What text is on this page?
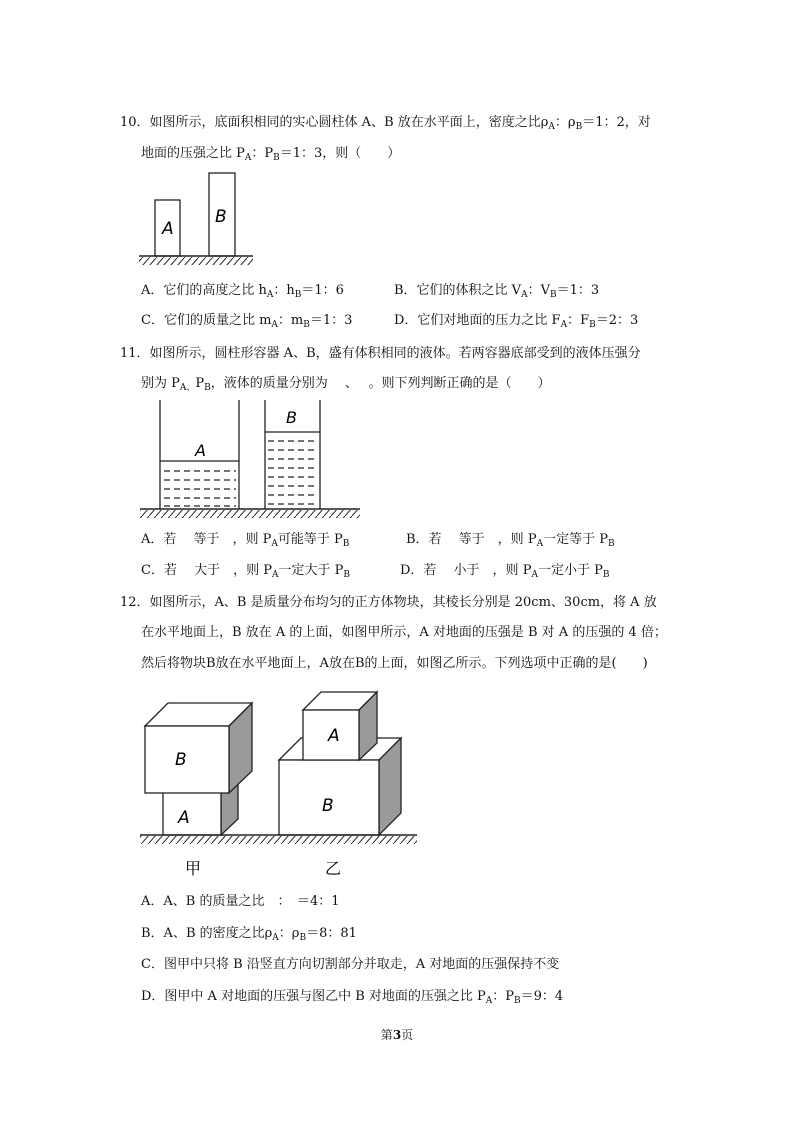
10．如图所示，底面积相同的实心圆柱体 A、B 放在水平面上，密度之比$\rho_A$：$\rho_B=1$：2，对
地面的压强之比 $P_A$：$P_B=1$：3，则（　　）
A
B
A．它们的高度之比 $h_A$：$h_B=1$：6	B．它们的体积之比 $V_A$：$V_B=1$：3
C．它们的质量之比 $m_A$：$m_B=1$：3	D．它们对地面的压力之比 $F_A$：$F_B=2$：3
11．如图所示，圆柱形容器 A、B，盛有体积相同的液体。若两容器底部受到的液体压强分
别为 $P_{A、}P_B$，液体的质量分别为　 、　 。则下列判断正确的是（　　）
A
B
A．若　 等于　，则 $P_A$可能等于 $P_B$	B．若　 等于　，则 $P_A$一定等于 $P_B$
C．若　 大于　，则 $P_A$一定大于 $P_B$	D．若　 小于　，则 $P_A$一定小于 $P_B$
12．如图所示，A、B 是质量分布均匀的正方体物块，其棱长分别是 20cm、30cm，将 A 放
在水平地面上，B 放在 A 的上面，如图甲所示，A 对地面的压强是 B 对 A 的压强的 4 倍；
然后将物块B放在水平地面上，A放在B的上面，如图乙所示。下列选项中正确的是(　　)
B
A
A
B
甲	乙
A．A、B 的质量之比　：　＝4：1
B．A、B 的密度之比$\rho_A$：$\rho_B=8$：81
C．图甲中只将 B 沿竖直方向切割部分并取走，A 对地面的压强保持不变
D．图甲中 A 对地面的压强与图乙中 B 对地面的压强之比 $P_A$：$P_B=9$：4
第3页
